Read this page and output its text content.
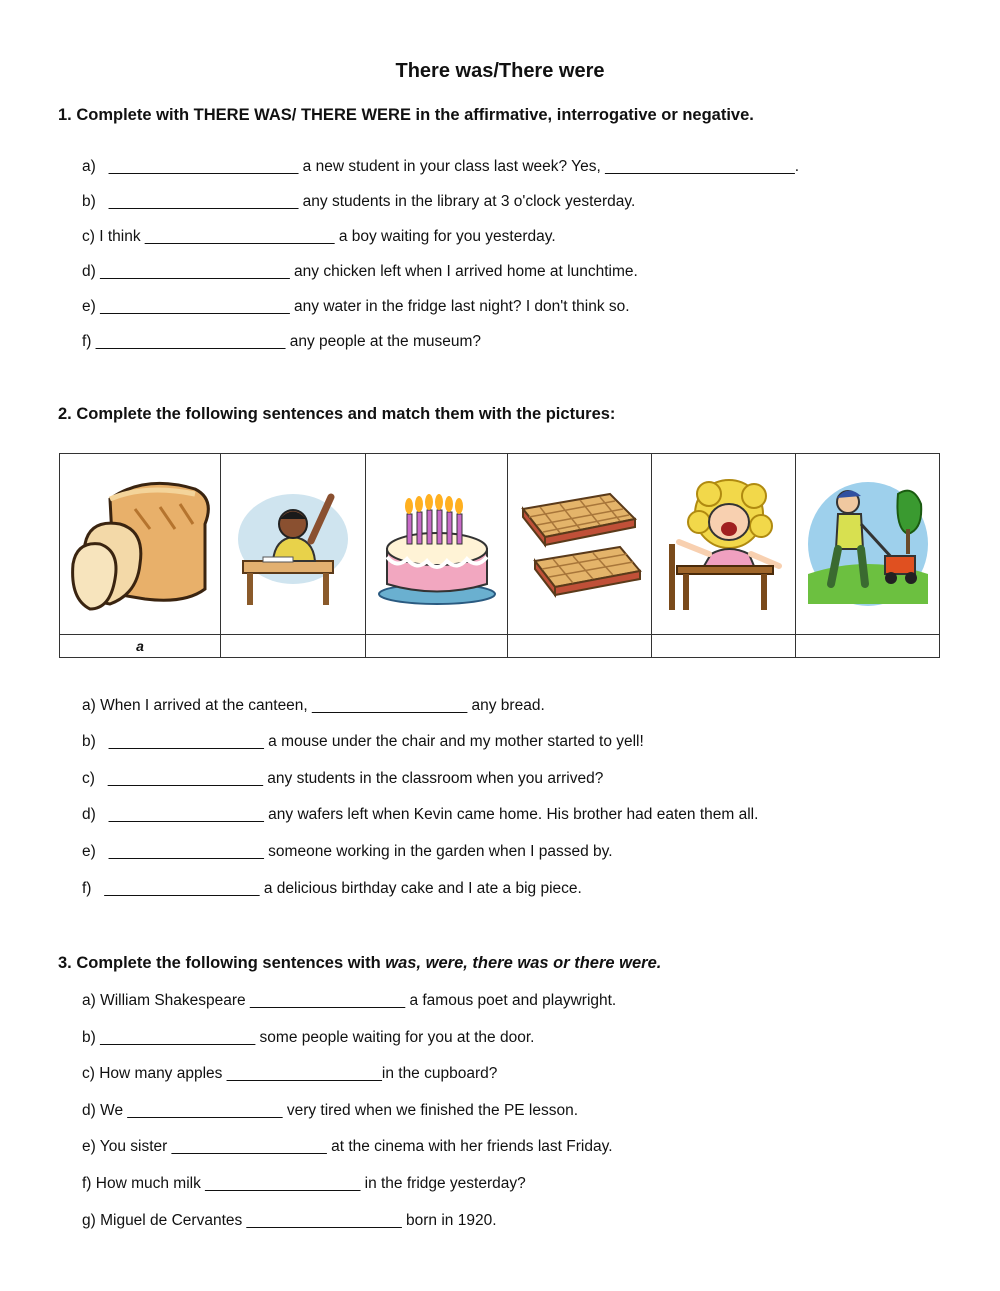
There was/There were
1. Complete with THERE WAS/ THERE WERE in the affirmative, interrogative or negative.
a)   ______________________ a new student in your class last week? Yes, ______________________.
b)   ______________________ any students in the library at 3 o'clock yesterday.
c) I think ______________________ a boy waiting for you yesterday.
d) ______________________ any chicken left when I arrived home at lunchtime.
e) ______________________ any water in the fridge last night? I don't think so.
f) ______________________ any people at the museum?
2. Complete the following sentences and match them with the pictures:

a					
a) When I arrived at the canteen, __________________ any bread.
b)   __________________ a mouse under the chair and my mother started to yell!
c)   __________________ any students in the classroom when you arrived?
d)   __________________ any wafers left when Kevin came home. His brother had eaten them all.
e)   __________________ someone working in the garden when I passed by.
f)   __________________ a delicious birthday cake and I ate a big piece.
3. Complete the following sentences with was, were, there was or there were.
a) William Shakespeare __________________ a famous poet and playwright.
b) __________________ some people waiting for you at the door.
c) How many apples __________________in the cupboard?
d) We __________________ very tired when we finished the PE lesson.
e) You sister __________________ at the cinema with her friends last Friday.
f) How much milk __________________ in the fridge yesterday?
g) Miguel de Cervantes __________________ born in 1920.
